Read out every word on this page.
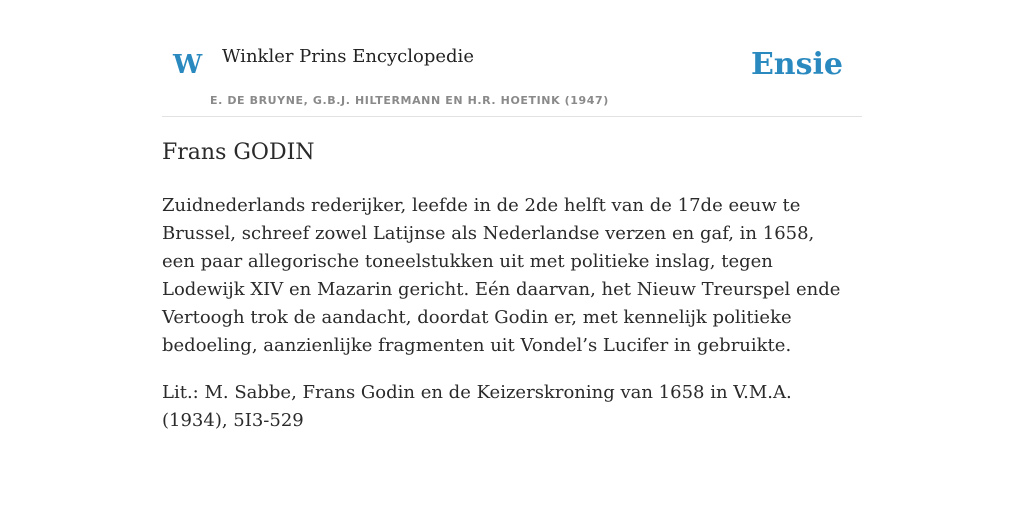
W Winkler Prins Encyclopedie
E. DE BRUYNE, G.B.J. HILTERMANN EN H.R. HOETINK (1947)
Ensie
Frans GODIN

Zuidnederlands rederijker, leefde in de 2de helft van de 17de eeuw te Brussel, schreef zowel Latijnse als Nederlandse verzen en gaf, in 1658, een paar allegorische toneelstukken uit met politieke inslag, tegen Lodewijk XIV en Mazarin gericht. Eén daarvan, het Nieuw Treurspel ende Vertoogh trok de aandacht, doordat Godin er, met kennelijk politieke bedoeling, aanzienlijke fragmenten uit Vondel’s Lucifer in gebruikte.

Lit.: M. Sabbe, Frans Godin en de Keizerskroning van 1658 in V.M.A. (1934), 5I3-529
